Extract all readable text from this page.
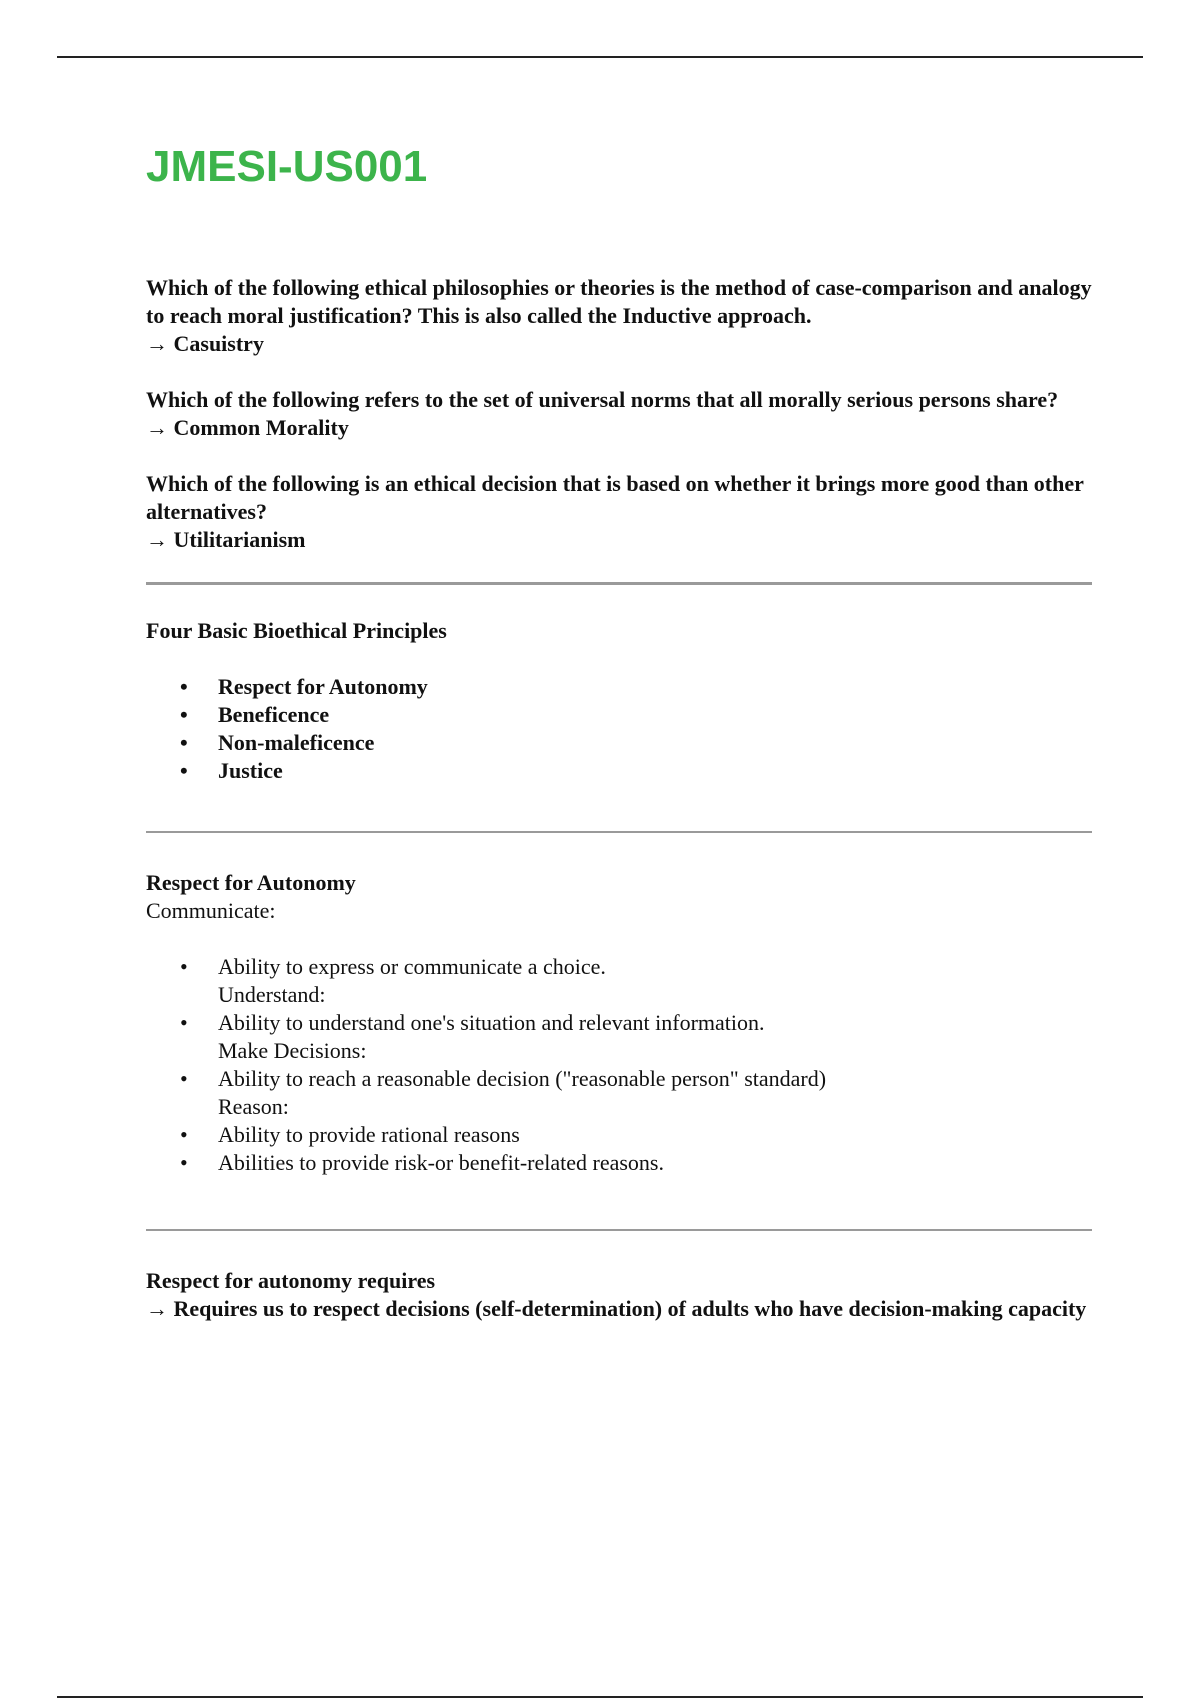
JMESI-US001
Which of the following ethical philosophies or theories is the method of case-comparison and analogy to reach moral justification? This is also called the Inductive approach.
→ Casuistry
Which of the following refers to the set of universal norms that all morally serious persons share?
→ Common Morality
Which of the following is an ethical decision that is based on whether it brings more good than other alternatives?
→ Utilitarianism
Four Basic Bioethical Principles
• Respect for Autonomy
• Beneficence
• Non-maleficence
• Justice
Respect for Autonomy
Communicate:
• Ability to express or communicate a choice.
Understand:
• Ability to understand one's situation and relevant information.
Make Decisions:
• Ability to reach a reasonable decision ("reasonable person" standard)
Reason:
• Ability to provide rational reasons
• Abilities to provide risk-or benefit-related reasons.
Respect for autonomy requires
→ Requires us to respect decisions (self-determination) of adults who have decision-making capacity
